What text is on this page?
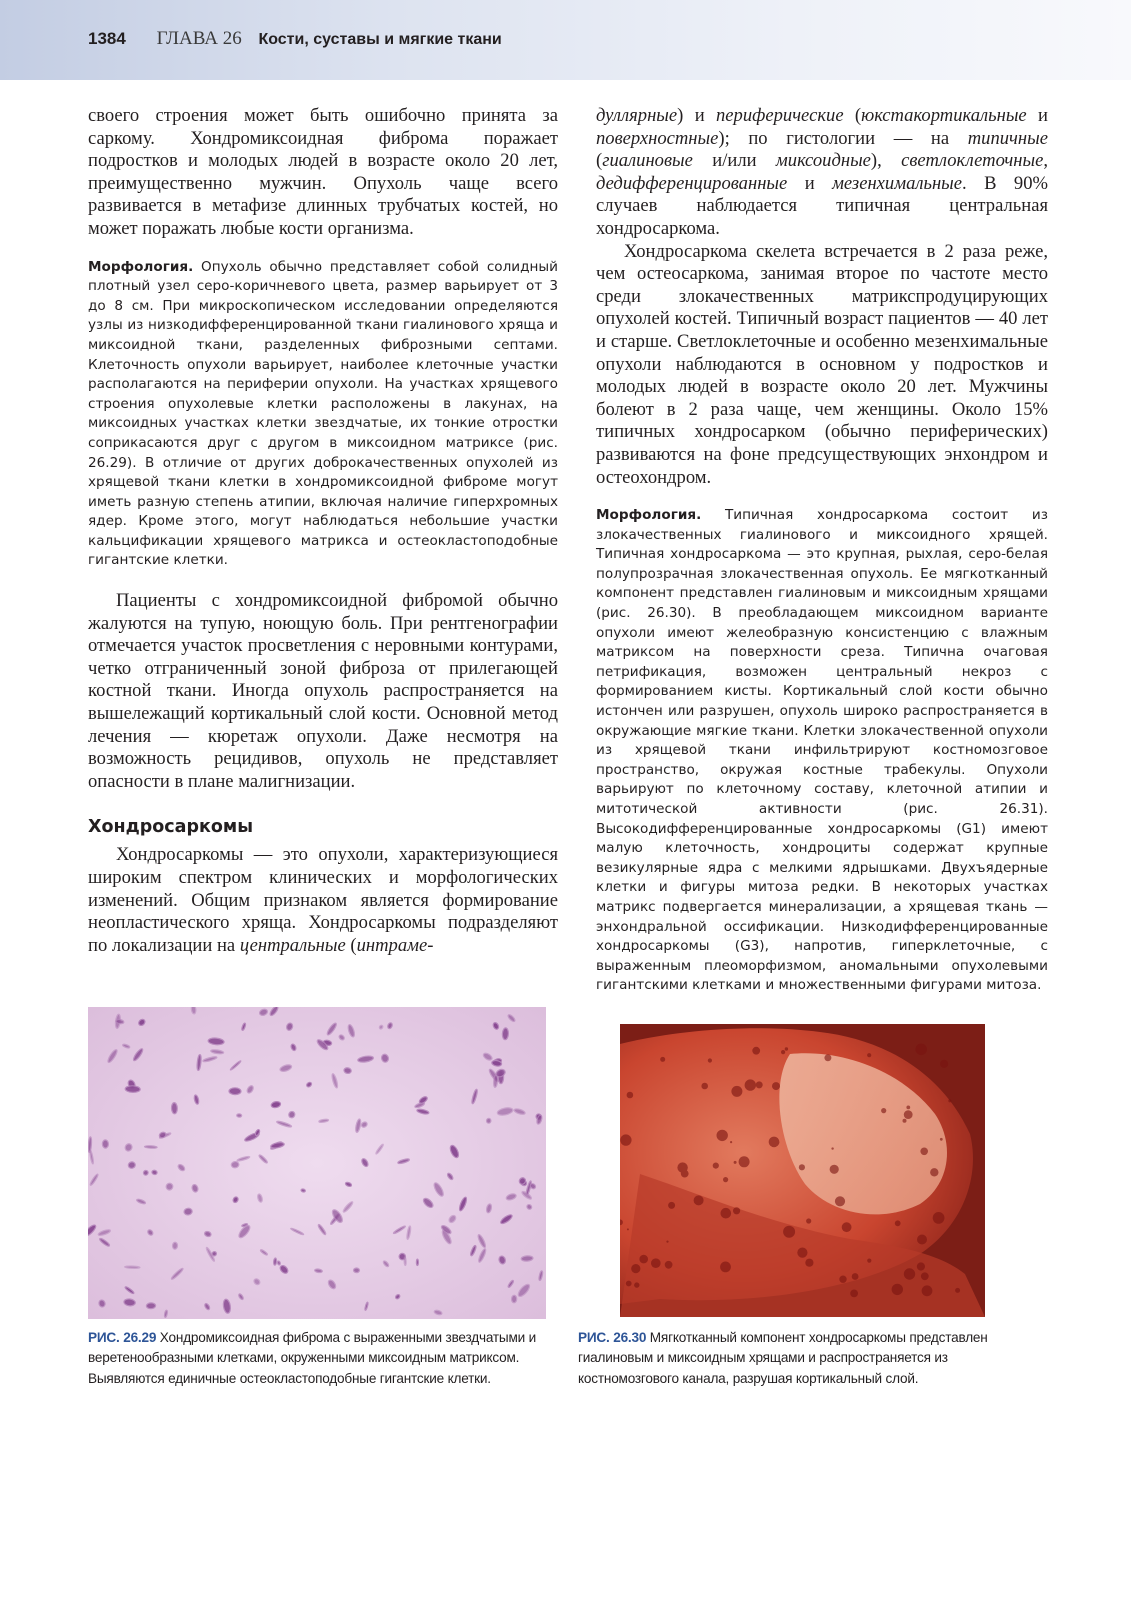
1384 ГЛАВА 26 Кости, суставы и мягкие ткани

своего строения может быть ошибочно принята за саркому. Хондромиксоидная фиброма поражает подростков и молодых людей в возрасте около 20 лет, преимущественно мужчин. Опухоль чаще всего развивается в метафизе длинных трубчатых костей, но может поражать любые кости организма.

Морфология. Опухоль обычно представляет собой солидный плотный узел серо-коричневого цвета, размер варьирует от 3 до 8 см. При микроскопическом исследовании определяются узлы из низкодифференцированной ткани гиалинового хряща и миксоидной ткани, разделенных фиброзными септами. Клеточность опухоли варьирует, наиболее клеточные участки располагаются на периферии опухоли. На участках хрящевого строения опухолевые клетки расположены в лакунах, на миксоидных участках клетки звездчатые, их тонкие отростки соприкасаются друг с другом в миксоидном матриксе (рис. 26.29). В отличие от других доброкачественных опухолей из хрящевой ткани клетки в хондромиксоидной фиброме могут иметь разную степень атипии, включая наличие гиперхромных ядер. Кроме этого, могут наблюдаться небольшие участки кальцификации хрящевого матрикса и остеокластоподобные гигантские клетки.

Пациенты с хондромиксоидной фибромой обычно жалуются на тупую, ноющую боль. При рентгенографии отмечается участок просветления с неровными контурами, четко отграниченный зоной фиброза от прилегающей костной ткани. Иногда опухоль распространяется на вышележащий кортикальный слой кости. Основной метод лечения — кюретаж опухоли. Даже несмотря на возможность рецидивов, опухоль не представляет опасности в плане малигнизации.

Хондросаркомы

Хондросаркомы — это опухоли, характеризующиеся широким спектром клинических и морфологических изменений. Общим признаком является формирование неопластического хряща. Хондросаркомы подразделяют по локализации на центральные (интраме-

дуллярные) и периферические (юкстакортикальные и поверхностные); по гистологии — на типичные (гиалиновые и/или миксоидные), светлоклеточные, дедифференцированные и мезенхимальные. В 90% случаев наблюдается типичная центральная хондросаркома.

Хондросаркома скелета встречается в 2 раза реже, чем остеосаркома, занимая второе по частоте место среди злокачественных матрикспродуцирующих опухолей костей. Типичный возраст пациентов — 40 лет и старше. Светлоклеточные и особенно мезенхимальные опухоли наблюдаются в основном у подростков и молодых людей в возрасте около 20 лет. Мужчины болеют в 2 раза чаще, чем женщины. Около 15% типичных хондросарком (обычно периферических) развиваются на фоне предсуществующих энхондром и остеохондром.

Морфология. Типичная хондросаркома состоит из злокачественных гиалинового и миксоидного хрящей. Типичная хондросаркома — это крупная, рыхлая, серо-белая полупрозрачная злокачественная опухоль. Ее мягкотканный компонент представлен гиалиновым и миксоидным хрящами (рис. 26.30). В преобладающем миксоидном варианте опухоли имеют желеобразную консистенцию с влажным матриксом на поверхности среза. Типична очаговая петрификация, возможен центральный некроз с формированием кисты. Кортикальный слой кости обычно истончен или разрушен, опухоль широко распространяется в окружающие мягкие ткани. Клетки злокачественной опухоли из хрящевой ткани инфильтрируют костномозговое пространство, окружая костные трабекулы. Опухоли варьируют по клеточному составу, клеточной атипии и митотической активности (рис. 26.31). Высокодифференцированные хондросаркомы (G1) имеют малую клеточность, хондроциты содержат крупные везикулярные ядра с мелкими ядрышками. Двухъядерные клетки и фигуры митоза редки. В некоторых участках матрикс подвергается минерализации, а хрящевая ткань — энхондральной оссификации. Низкодифференцированные хондросаркомы (G3), напротив, гиперклеточные, с выраженным плеоморфизмом, аномальными опухолевыми гигантскими клетками и множественными фигурами митоза.

РИС. 26.29 Хондромиксоидная фиброма с выраженными звездчатыми и веретенообразными клетками, окруженными миксоидным матриксом. Выявляются единичные остеокластоподобные гигантские клетки.

РИС. 26.30 Мягкотканный компонент хондросаркомы представлен гиалиновым и миксоидным хрящами и распространяется из костномозгового канала, разрушая кортикальный слой.
